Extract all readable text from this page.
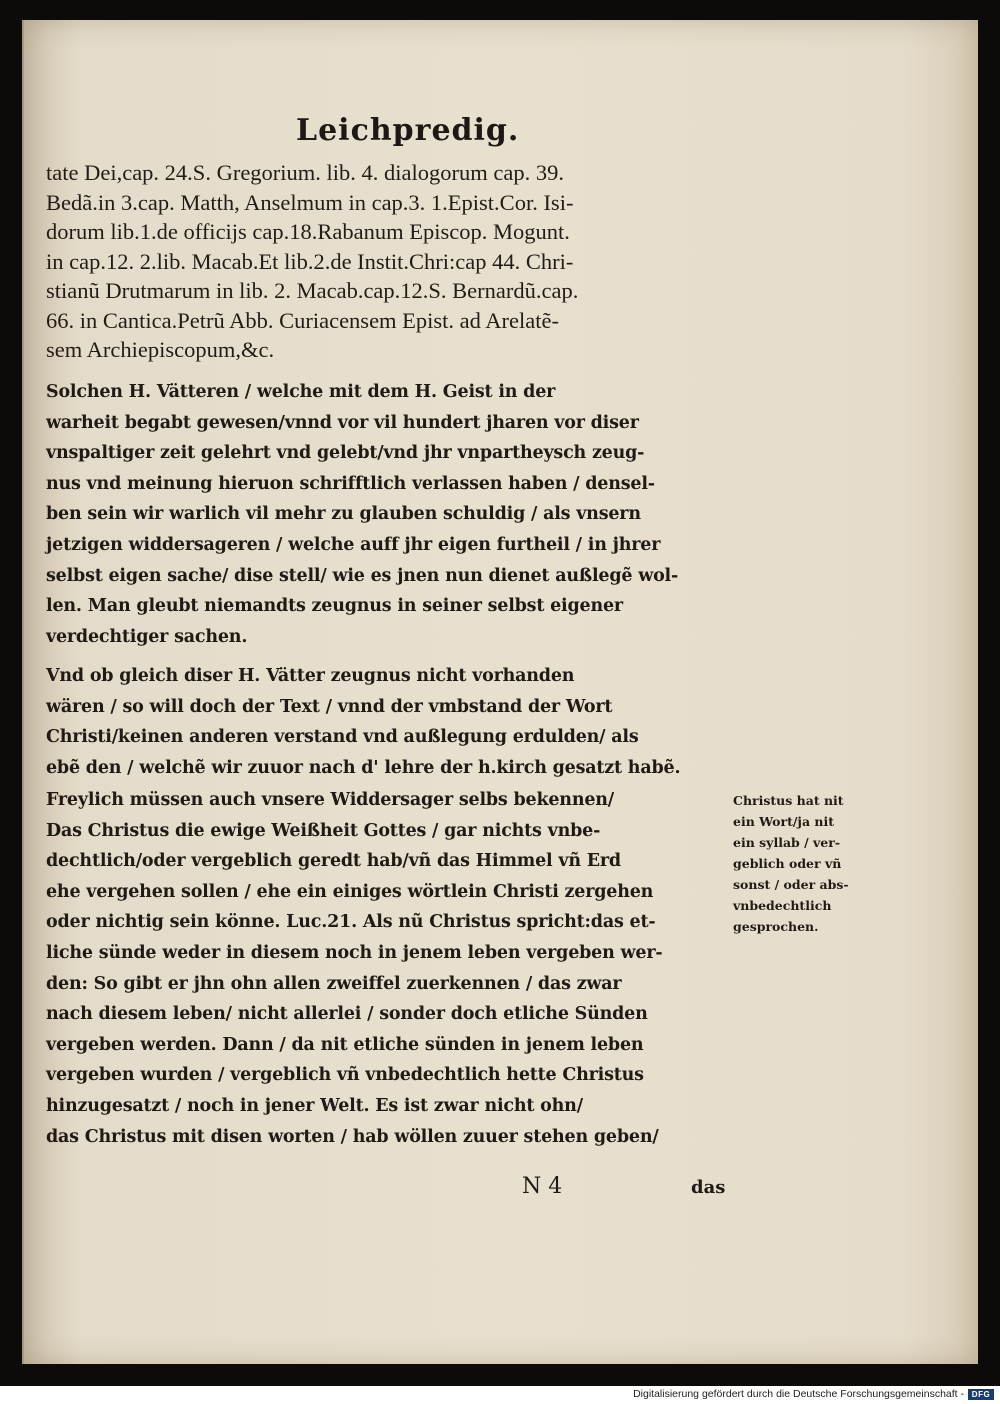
Leichpredig.
tate Dei,cap. 24.S. Gregorium. lib. 4. dialogorum cap. 39.
Bedã.in 3.cap. Matth, Anselmum in cap.3. 1.Epist.Cor. Isi-
dorum lib.1.de officijs cap.18.Rabanum Episcop. Mogunt.
in cap.12. 2.lib. Macab.Et lib.2.de Instit.Chri:cap 44. Chri-
stianũ Drutmarum in lib. 2. Macab.cap.12.S. Bernardũ.cap.
66. in Cantica.Petrũ Abb. Curiacensem Epist. ad Arelatẽ-
sem Archiepiscopum,&c.
Solchen H. Vätteren / welche mit dem H. Geist in der
warheit begabt gewesen/vnnd vor vil hundert jharen vor diser
vnspaltiger zeit gelehrt vnd gelebt/vnd jhr vnpartheysch zeug-
nus vnd meinung hieruon schrifftlich verlassen haben / densel-
ben sein wir warlich vil mehr zu glauben schuldig / als vnsern
jetzigen widdersageren / welche auff jhr eigen furtheil / in jhrer
selbst eigen sache/ dise stell/ wie es jnen nun dienet außlegẽ wol-
len. Man gleubt niemandts zeugnus in seiner selbst eigener
verdechtiger sachen.
Vnd ob gleich diser H. Vätter zeugnus nicht vorhanden
wären / so will doch der Text / vnnd der vmbstand der Wort
Christi/keinen anderen verstand vnd außlegung erdulden/ als
ebẽ den / welchẽ wir zuuor nach d' lehre der h.kirch gesatzt habẽ.
Freylich müssen auch vnsere Widdersager selbs bekennen/
Das Christus die ewige Weißheit Gottes / gar nichts vnbe-
dechtlich/oder vergeblich geredt hab/vñ das Himmel vñ Erd
ehe vergehen sollen / ehe ein einiges wörtlein Christi zergehen
oder nichtig sein könne. Luc.21. Als nũ Christus spricht:das et-
liche sünde weder in diesem noch in jenem leben vergeben wer-
den: So gibt er jhn ohn allen zweiffel zuerkennen / das zwar
nach diesem leben/ nicht allerlei / sonder doch etliche Sünden
vergeben werden. Dann / da nit etliche sünden in jenem leben
vergeben wurden / vergeblich vñ vnbedechtlich hette Christus
hinzugesatzt / noch in jener Welt. Es ist zwar nicht ohn/
das Christus mit disen worten / hab wöllen zuuer stehen geben/
Christus hat nit
ein Wort/ja nit
ein syllab / ver-
geblich oder vñ
sonst / oder abs-
vnbedechtlich
gesprochen.
N 4	das
Digitalisierung gefördert durch die Deutsche Forschungsgemeinschaft - DFG
